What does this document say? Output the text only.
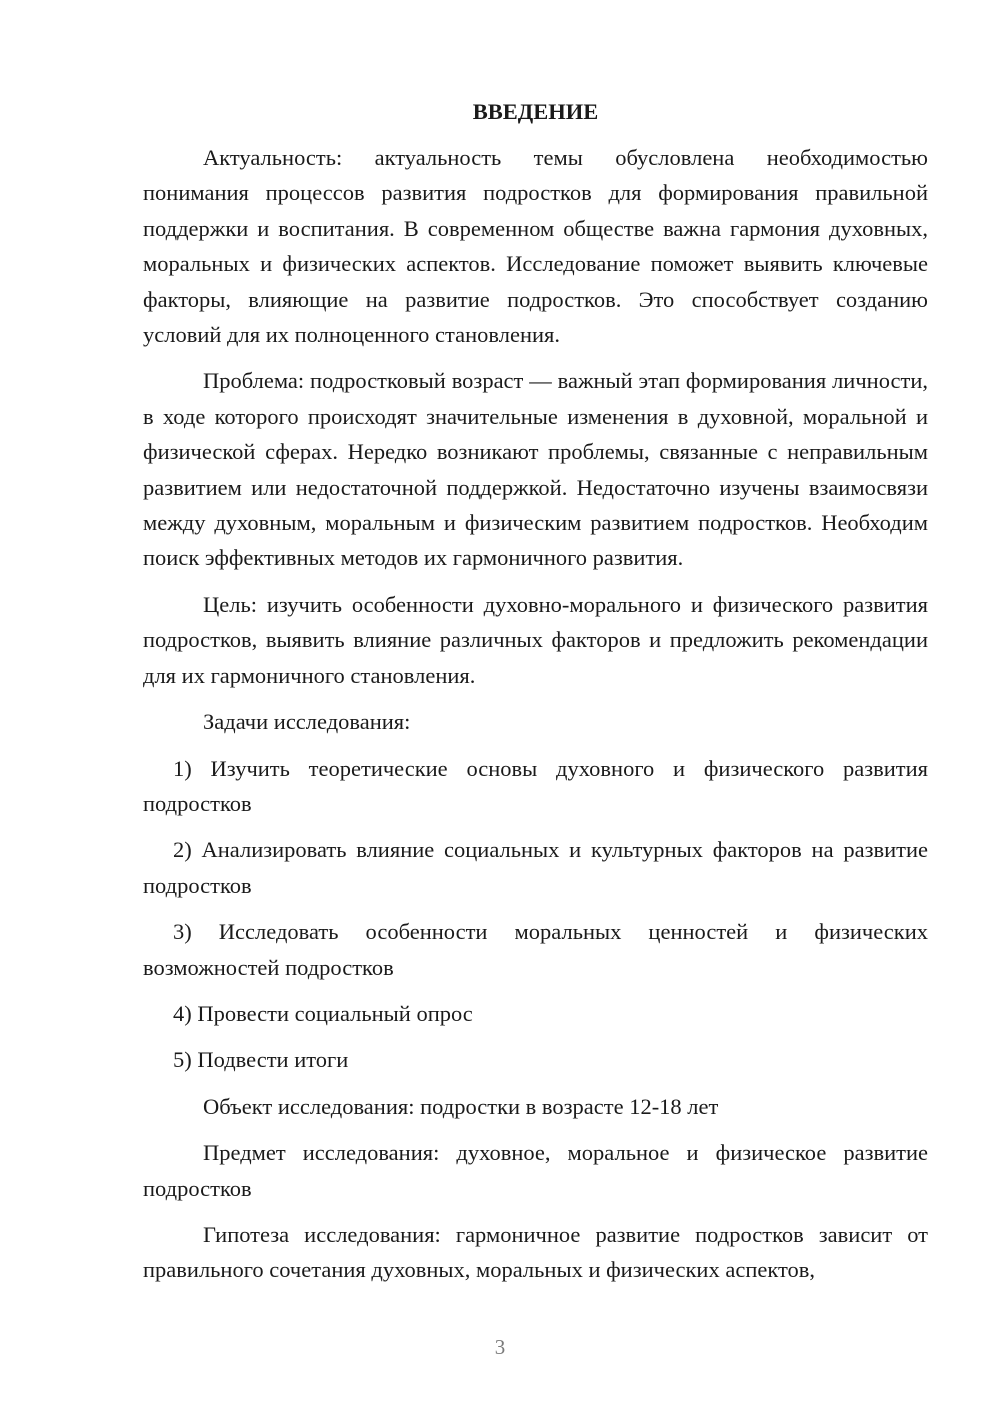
ВВЕДЕНИЕ

Актуальность: актуальность темы обусловлена необходимостью понимания процессов развития подростков для формирования правильной поддержки и воспитания. В современном обществе важна гармония духовных, моральных и физических аспектов. Исследование поможет выявить ключевые факторы, влияющие на развитие подростков. Это способствует созданию условий для их полноценного становления.

Проблема: подростковый возраст — важный этап формирования личности, в ходе которого происходят значительные изменения в духовной, моральной и физической сферах. Нередко возникают проблемы, связанные с неправильным развитием или недостаточной поддержкой. Недостаточно изучены взаимосвязи между духовным, моральным и физическим развитием подростков. Необходим поиск эффективных методов их гармоничного развития.

Цель: изучить особенности духовно-морального и физического развития подростков, выявить влияние различных факторов и предложить рекомендации для их гармоничного становления.

Задачи исследования:

1) Изучить теоретические основы духовного и физического развития подростков

2) Анализировать влияние социальных и культурных факторов на развитие подростков

3) Исследовать особенности моральных ценностей и физических возможностей подростков

4) Провести социальный опрос

5) Подвести итоги

Объект исследования: подростки в возрасте 12-18 лет

Предмет исследования: духовное, моральное и физическое развитие подростков

Гипотеза исследования: гармоничное развитие подростков зависит от правильного сочетания духовных, моральных и физических аспектов,

3
